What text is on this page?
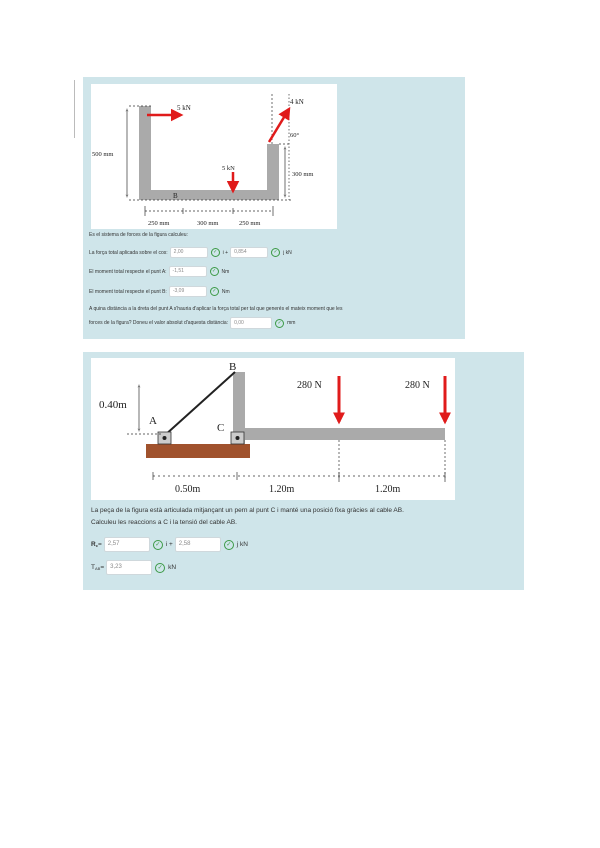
5 kN
4 kN
5 kN
60°
500 mm
300 mm
B
250 mm	300 mm	250 mm
Es el sistema de forces de la figura calculeu:
La força total aplicada sobre el cos:	2,00	✓	i +	0,854	✓	j kN
El moment total respecte el punt A:	-1,51	✓	Nm
El moment total respecte el punt B:	-3,09	✓	Nm
A quina distància a la dreta del punt A s'hauria d'aplicar la força total per tal que generés el mateix moment que les
forces de la figura? Doneu el valor absolut d'aquesta distància:	0,00	✓	mm
B
A
C
0.40m
280 N	280 N
0.50m	1.20m	1.20m
La peça de la figura està articulada mitjançant un pern al punt C i manté una posició fixa gràcies al cable AB.
Calculeu les reaccions a C i la tensió del cable AB.
$R_c$ =	2,57	✓ i +	2,58	✓ j kN
$T_{AB}$ =	3,23	✓ kN
